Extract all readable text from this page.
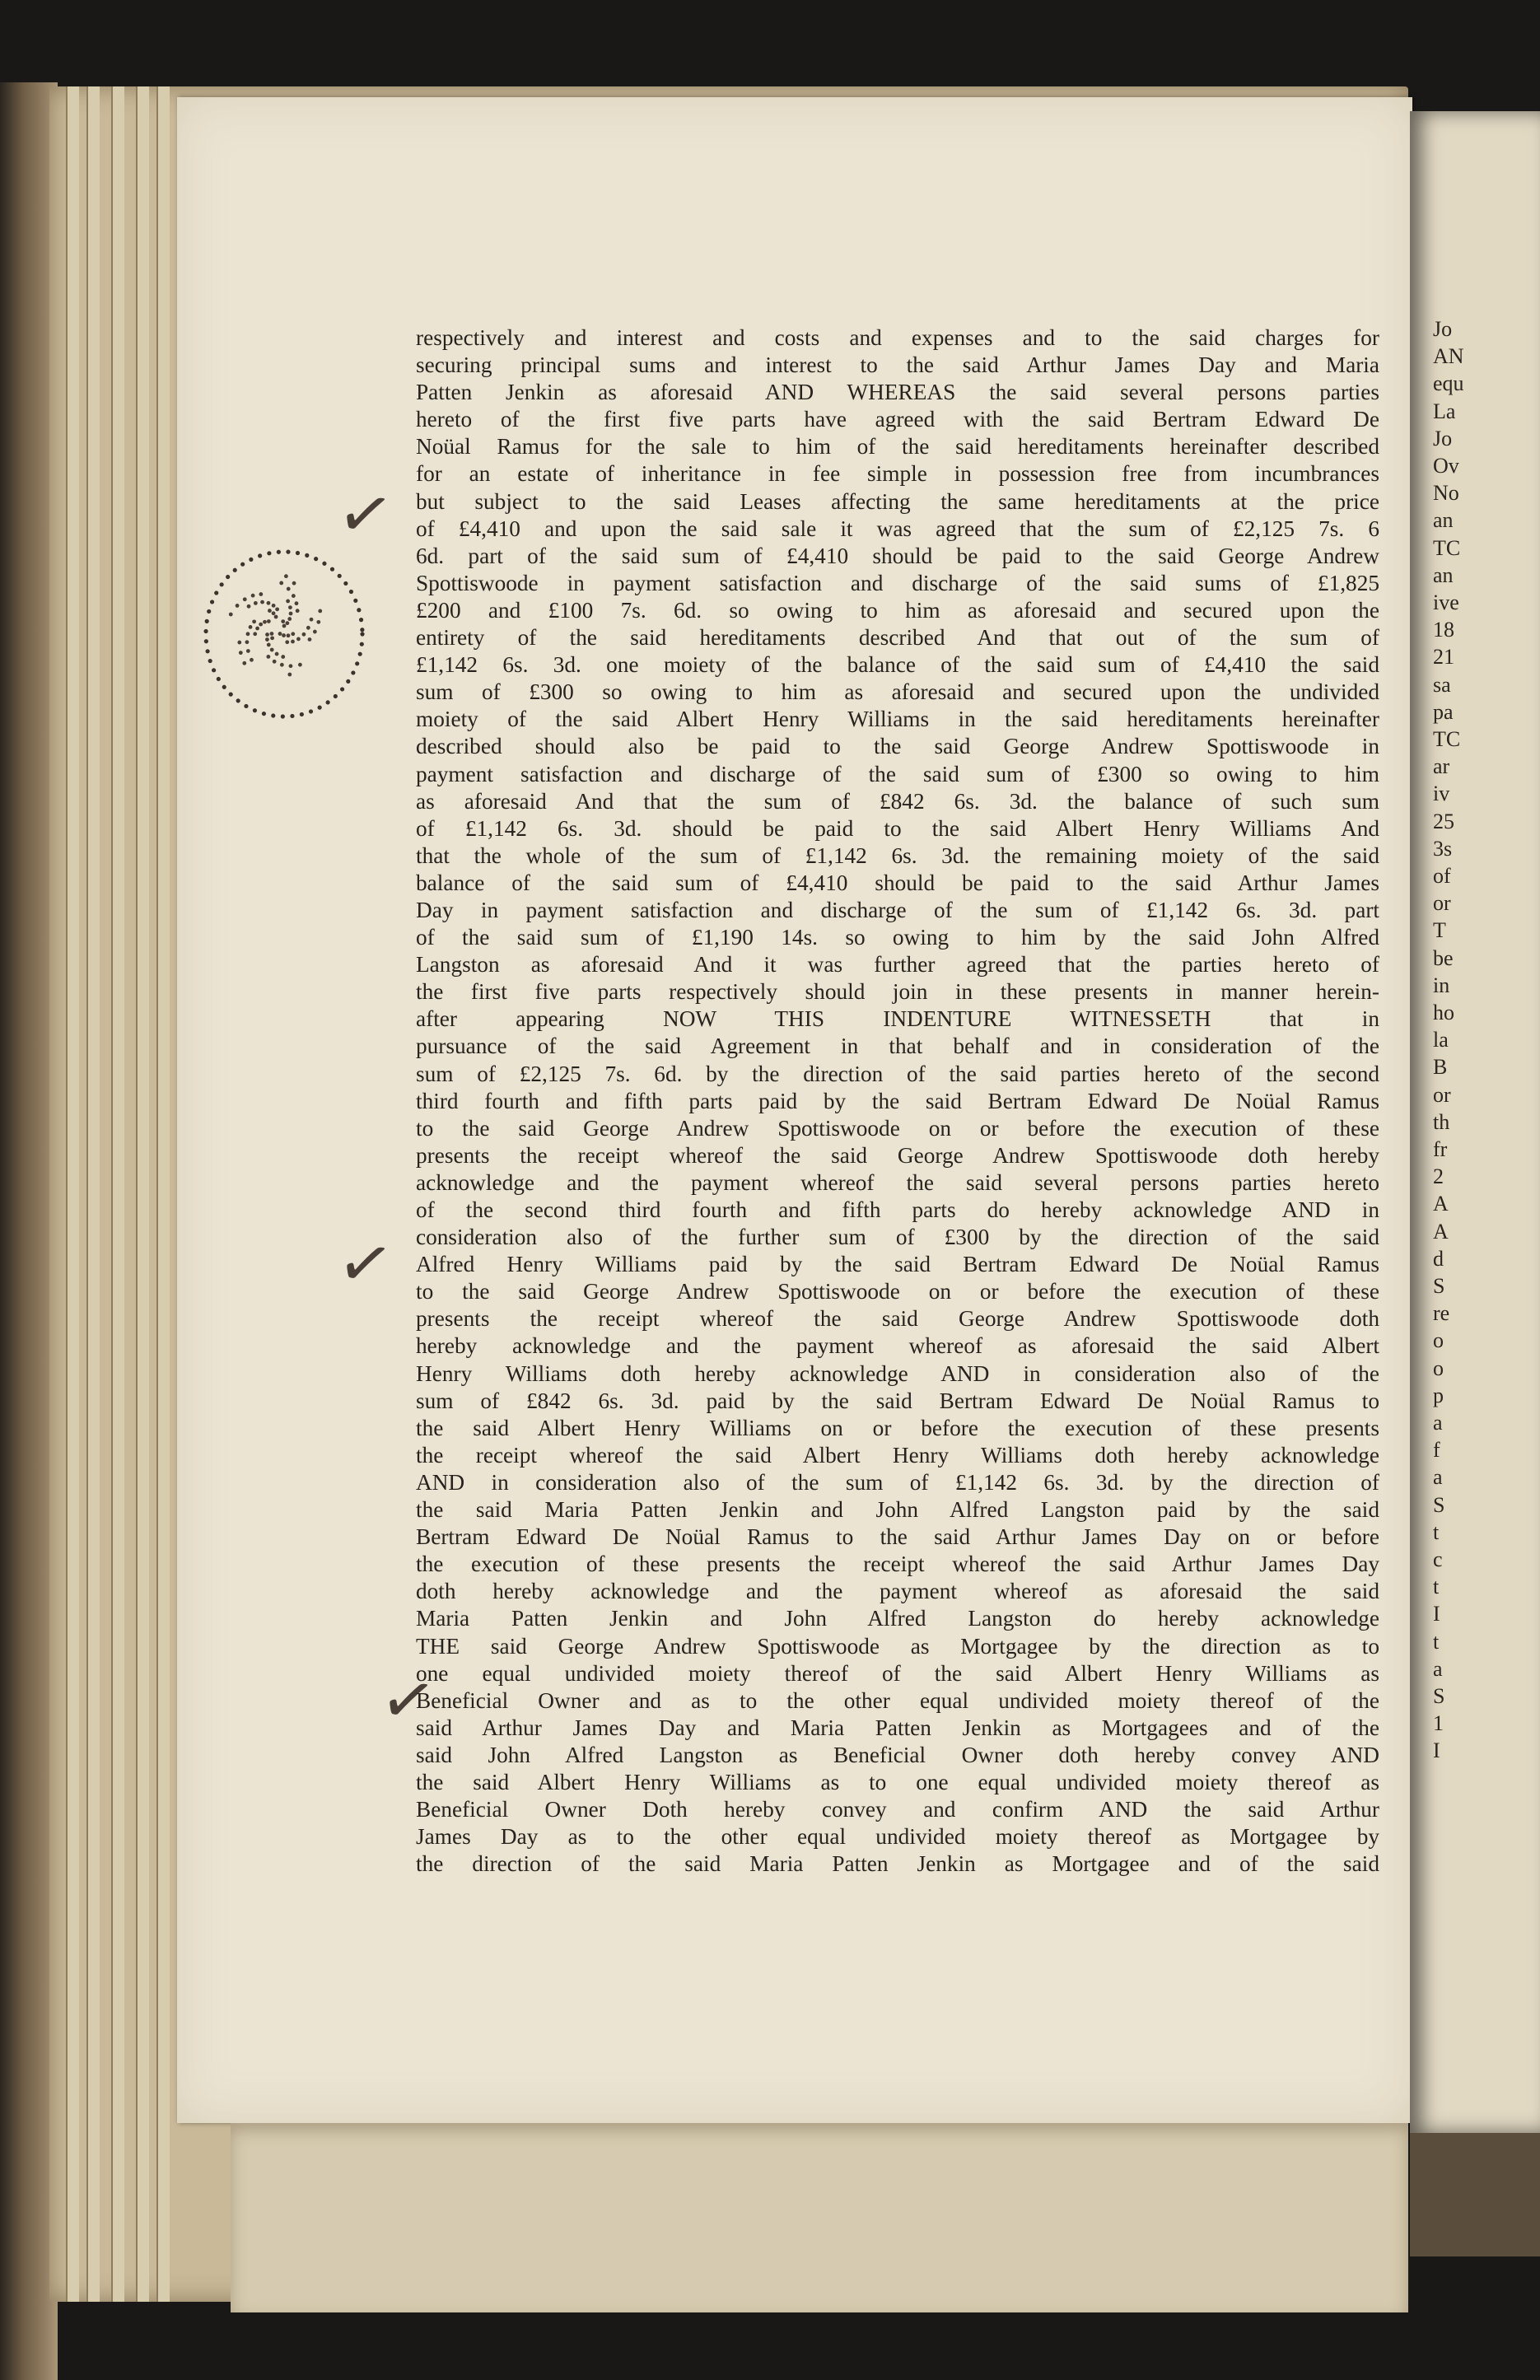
Jo
AN
equ
La
Jo
Ov
No
an
TC
an
ive
18
21
sa
pa
TC
ar
iv
25
3s
of
or
T
be
in
ho
la
B
or
th
fr
2
A
A
d
S
re
o
o
p
a
f
a
S
t
c
t
I
t
a
S
1
I
✓
✓
✓
respectively and interest and costs and expenses and to the said charges for
securing principal sums and interest to the said Arthur James Day and Maria
Patten Jenkin as aforesaid AND WHEREAS the said several persons parties
hereto of the first five parts have agreed with the said Bertram Edward De
Noüal Ramus for the sale to him of the said hereditaments hereinafter described
for an estate of inheritance in fee simple in possession free from incumbrances
but subject to the said Leases affecting the same hereditaments at the price
of £4,410 and upon the said sale it was agreed that the sum of £2,125 7s. 6
6d. part of the said sum of £4,410 should be paid to the said George Andrew
Spottiswoode in payment satisfaction and discharge of the said sums of £1,825
£200 and £100 7s. 6d. so owing to him as aforesaid and secured upon the
entirety of the said hereditaments described And that out of the sum of
£1,142 6s. 3d. one moiety of the balance of the said sum of £4,410 the said
sum of £300 so owing to him as aforesaid and secured upon the undivided
moiety of the said Albert Henry Williams in the said hereditaments hereinafter
described should also be paid to the said George Andrew Spottiswoode in
payment satisfaction and discharge of the said sum of £300 so owing to him
as aforesaid And that the sum of £842 6s. 3d. the balance of such sum
of £1,142 6s. 3d. should be paid to the said Albert Henry Williams And
that the whole of the sum of £1,142 6s. 3d. the remaining moiety of the said
balance of the said sum of £4,410 should be paid to the said Arthur James
Day in payment satisfaction and discharge of the sum of £1,142 6s. 3d. part
of the said sum of £1,190 14s. so owing to him by the said John Alfred
Langston as aforesaid And it was further agreed that the parties hereto of
the first five parts respectively should join in these presents in manner herein-
after appearing NOW THIS INDENTURE WITNESSETH that in
pursuance of the said Agreement in that behalf and in consideration of the
sum of £2,125 7s. 6d. by the direction of the said parties hereto of the second
third fourth and fifth parts paid by the said Bertram Edward De Noüal Ramus
to the said George Andrew Spottiswoode on or before the execution of these
presents the receipt whereof the said George Andrew Spottiswoode doth hereby
acknowledge and the payment whereof the said several persons parties hereto
of the second third fourth and fifth parts do hereby acknowledge AND in
consideration also of the further sum of £300 by the direction of the said
Alfred Henry Williams paid by the said Bertram Edward De Noüal Ramus
to the said George Andrew Spottiswoode on or before the execution of these
presents the receipt whereof the said George Andrew Spottiswoode doth
hereby acknowledge and the payment whereof as aforesaid the said Albert
Henry Williams doth hereby acknowledge AND in consideration also of the
sum of £842 6s. 3d. paid by the said Bertram Edward De Noüal Ramus to
the said Albert Henry Williams on or before the execution of these presents
the receipt whereof the said Albert Henry Williams doth hereby acknowledge
AND in consideration also of the sum of £1,142 6s. 3d. by the direction of
the said Maria Patten Jenkin and John Alfred Langston paid by the said
Bertram Edward De Noüal Ramus to the said Arthur James Day on or before
the execution of these presents the receipt whereof the said Arthur James Day
doth hereby acknowledge and the payment whereof as aforesaid the said
Maria Patten Jenkin and John Alfred Langston do hereby acknowledge
THE said George Andrew Spottiswoode as Mortgagee by the direction as to
one equal undivided moiety thereof of the said Albert Henry Williams as
Beneficial Owner and as to the other equal undivided moiety thereof of the
said Arthur James Day and Maria Patten Jenkin as Mortgagees and of the
said John Alfred Langston as Beneficial Owner doth hereby convey AND
the said Albert Henry Williams as to one equal undivided moiety thereof as
Beneficial Owner Doth hereby convey and confirm AND the said Arthur
James Day as to the other equal undivided moiety thereof as Mortgagee by
the direction of the said Maria Patten Jenkin as Mortgagee and of the said
